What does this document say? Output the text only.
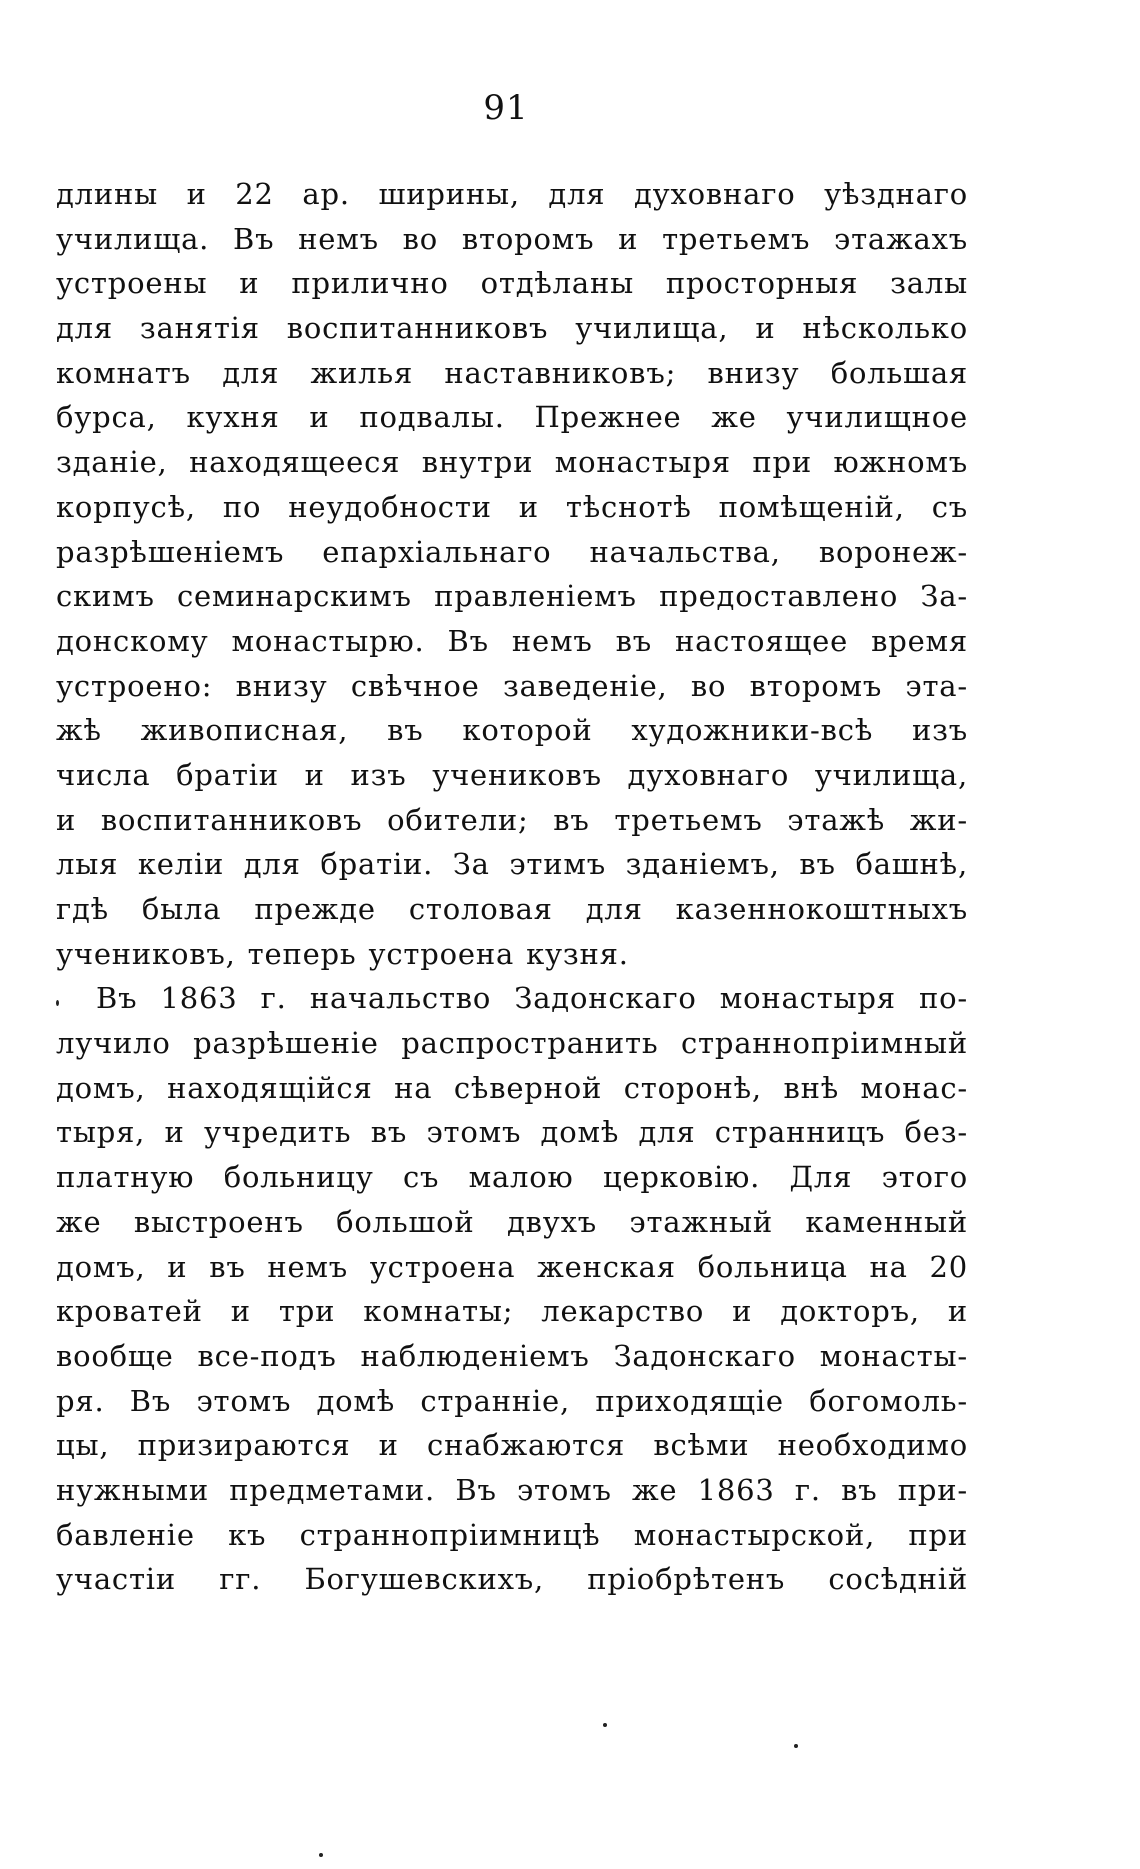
91
длины и 22 ар. ширины, для духовнаго уѣзднаго
училища. Въ немъ во второмъ и третьемъ этажахъ
устроены и прилично отдѣланы просторныя залы
для занятія воспитанниковъ училища, и нѣсколько
комнатъ для жилья наставниковъ; внизу большая
бурса, кухня и подвалы. Прежнее же училищное
зданіе, находящееся внутри монастыря при южномъ
корпусѣ, по неудобности и тѣснотѣ помѣщеній, съ
разрѣшеніемъ епархіальнаго начальства, воронеж-
скимъ семинарскимъ правленіемъ предоставлено За-
донскому монастырю. Въ немъ въ настоящее время
устроено: внизу свѣчное заведеніе, во второмъ эта-
жѣ живописная, въ которой художники-всѣ изъ
числа братіи и изъ учениковъ духовнаго училища,
и воспитанниковъ обители; въ третьемъ этажѣ жи-
лыя келіи для братіи. За этимъ зданіемъ, въ башнѣ,
гдѣ была прежде столовая для казеннокоштныхъ
учениковъ, теперь устроена кузня.
Въ 1863 г. начальство Задонскаго монастыря по-
лучило разрѣшеніе распространить страннопріимный
домъ, находящійся на сѣверной сторонѣ, внѣ монас-
тыря, и учредить въ этомъ домѣ для странницъ без-
платную больницу съ малою церковію. Для этого
же выстроенъ большой двухъ этажный каменный
домъ, и въ немъ устроена женская больница на 20
кроватей и три комнаты; лекарство и докторъ, и
вообще все-подъ наблюденіемъ Задонскаго монасты-
ря. Въ этомъ домѣ странніе, приходящіе богомоль-
цы, призираются и снабжаются всѣми необходимо
нужными предметами. Въ этомъ же 1863 г. въ при-
бавленіе къ страннопріимницѣ монастырской, при
участіи гг. Богушевскихъ, пріобрѣтенъ сосѣдній
